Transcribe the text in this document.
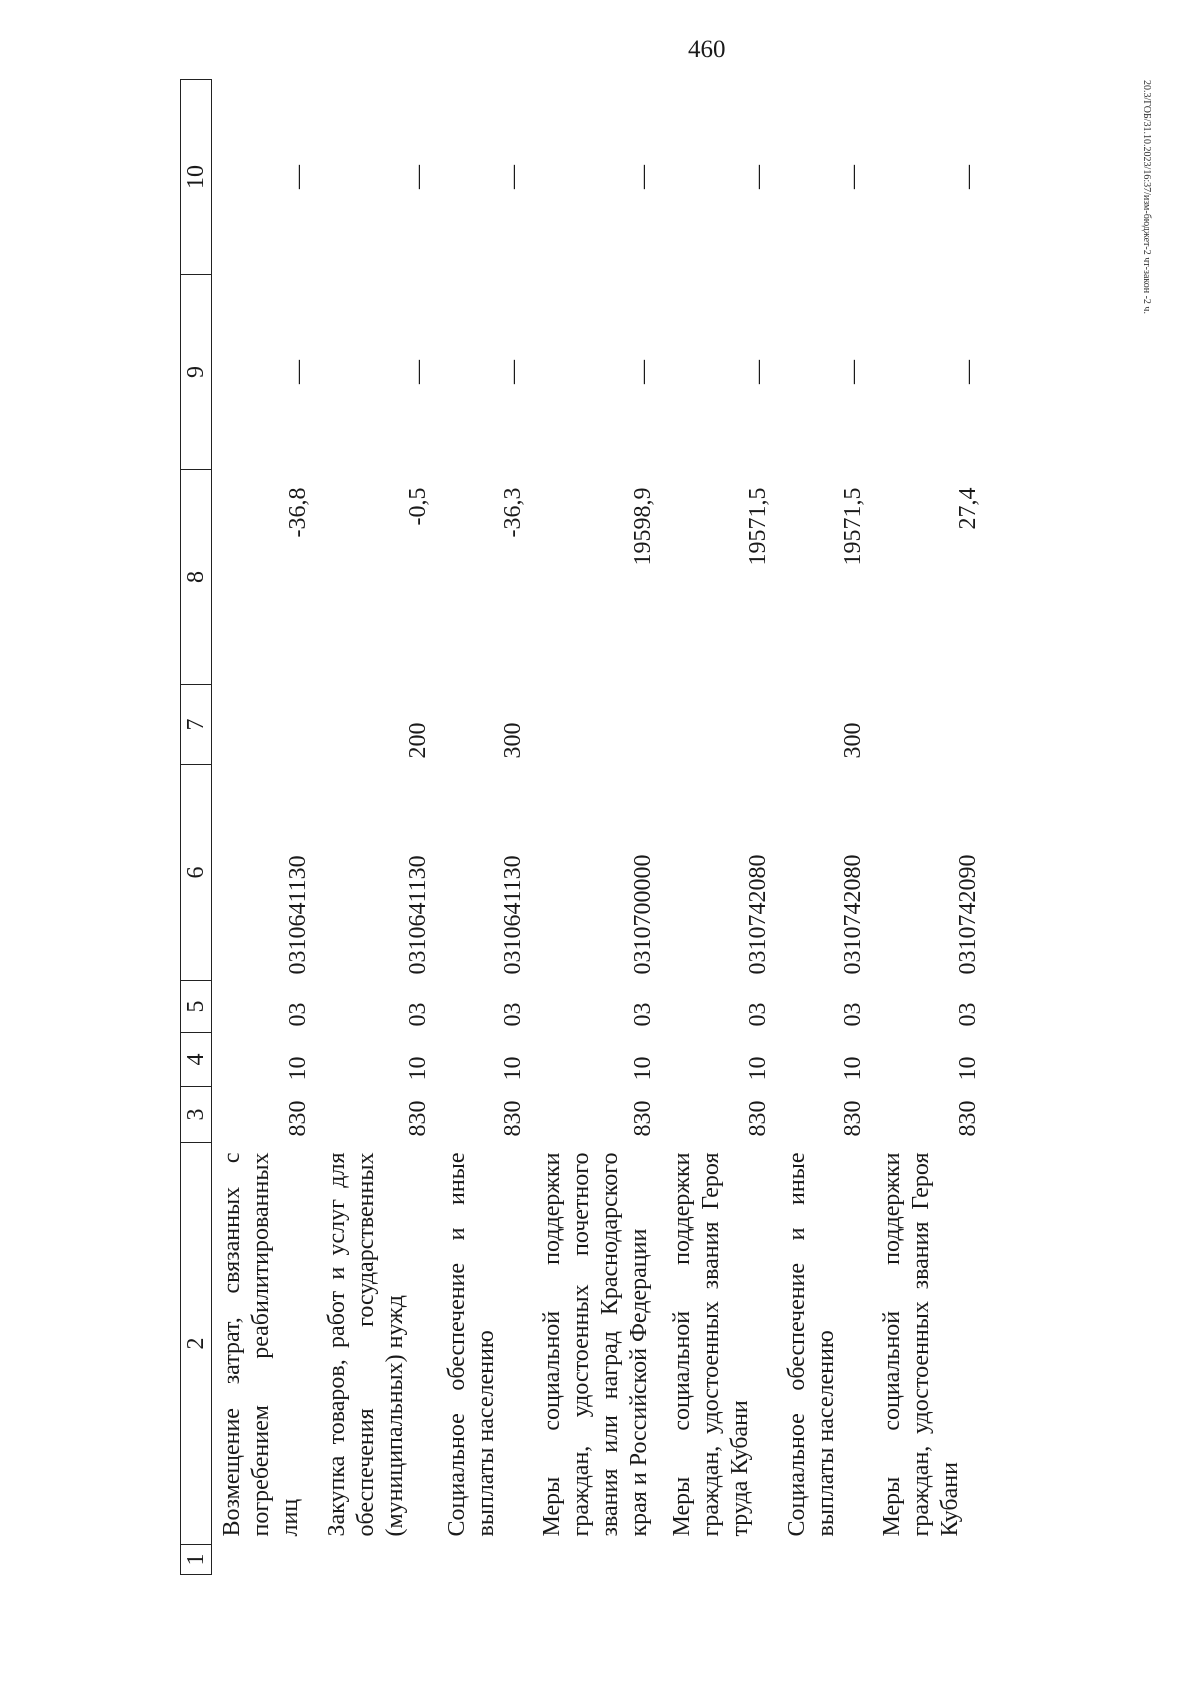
460
20.3/ГОБ/31.10.2023/16:37/изм-бюджет-2 чт-закон -2 ч.
1	2	3	4	5	6	7	8	9	10
	Возмещение затрат, связанных с погребением реабилитированных лиц	830	10	03	0310641130		-36,8	—	—
	Закупка товаров, работ и услуг для обеспечения государственных (муниципальных) нужд	830	10	03	0310641130	200	-0,5	—	—
	Социальное обеспечение и иные выплаты населению	830	10	03	0310641130	300	-36,3	—	—
	Меры социальной поддержки граждан, удостоенных почетного звания или наград Краснодарского края и Российской Федерации	830	10	03	0310700000		19598,9	—	—
	Меры социальной поддержки граждан, удостоенных звания Героя труда Кубани	830	10	03	0310742080		19571,5	—	—
	Социальное обеспечение и иные выплаты населению	830	10	03	0310742080	300	19571,5	—	—
	Меры социальной поддержки граждан, удостоенных звания Героя Кубани	830	10	03	0310742090		27,4	—	—
